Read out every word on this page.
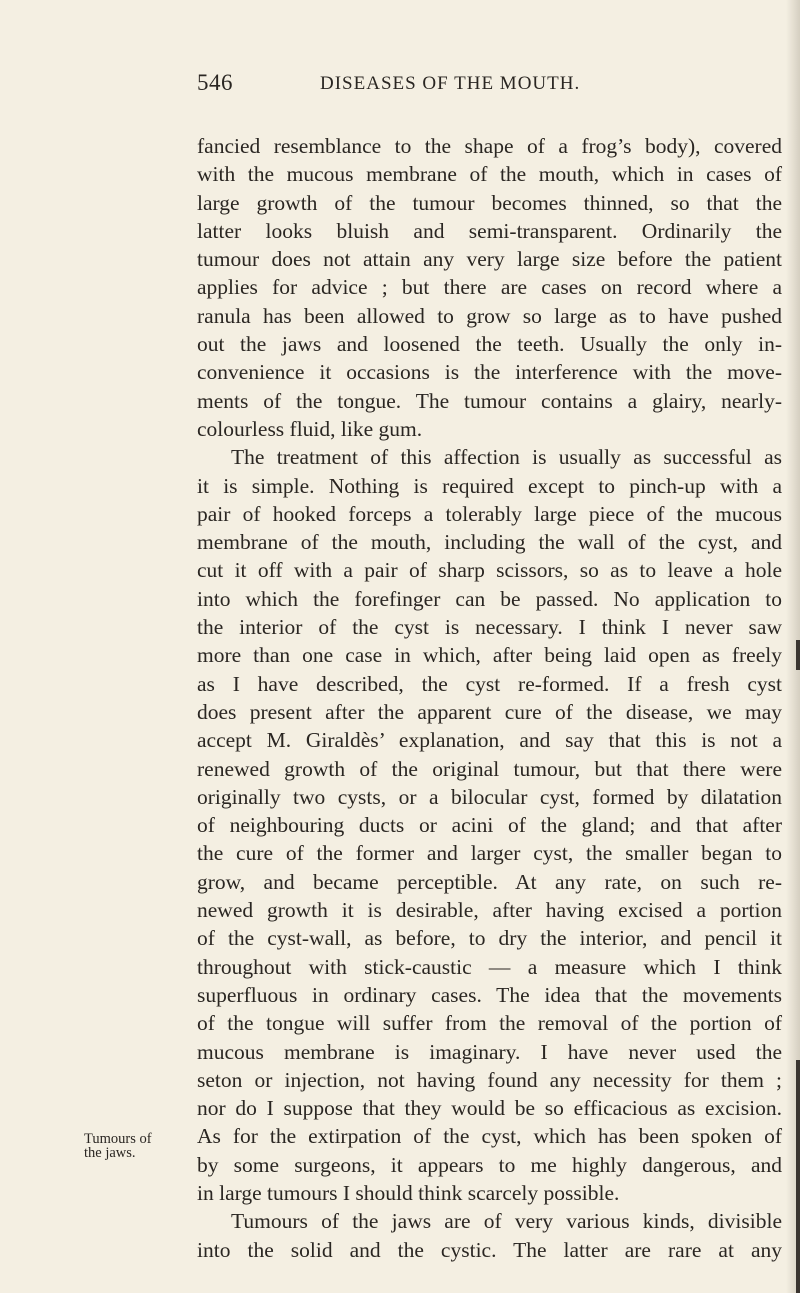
546	DISEASES OF THE MOUTH.
Tumours of
the jaws.
fancied resemblance to the shape of a frog’s body), covered
with the mucous membrane of the mouth, which in cases of
large growth of the tumour becomes thinned, so that the
latter looks bluish and semi-transparent. Ordinarily the
tumour does not attain any very large size before the patient
applies for advice ; but there are cases on record where a
ranula has been allowed to grow so large as to have pushed
out the jaws and loosened the teeth. Usually the only in-
convenience it occasions is the interference with the move-
ments of the tongue. The tumour contains a glairy, nearly-
colourless fluid, like gum.
The treatment of this affection is usually as successful as
it is simple. Nothing is required except to pinch-up with a
pair of hooked forceps a tolerably large piece of the mucous
membrane of the mouth, including the wall of the cyst, and
cut it off with a pair of sharp scissors, so as to leave a hole
into which the forefinger can be passed. No application to
the interior of the cyst is necessary. I think I never saw
more than one case in which, after being laid open as freely
as I have described, the cyst re-formed. If a fresh cyst
does present after the apparent cure of the disease, we may
accept M. Giraldès’ explanation, and say that this is not a
renewed growth of the original tumour, but that there were
originally two cysts, or a bilocular cyst, formed by dilatation
of neighbouring ducts or acini of the gland; and that after
the cure of the former and larger cyst, the smaller began to
grow, and became perceptible. At any rate, on such re-
newed growth it is desirable, after having excised a portion
of the cyst-wall, as before, to dry the interior, and pencil it
throughout with stick-caustic — a measure which I think
superfluous in ordinary cases. The idea that the movements
of the tongue will suffer from the removal of the portion of
mucous membrane is imaginary. I have never used the
seton or injection, not having found any necessity for them ;
nor do I suppose that they would be so efficacious as excision.
As for the extirpation of the cyst, which has been spoken of
by some surgeons, it appears to me highly dangerous, and
in large tumours I should think scarcely possible.
Tumours of the jaws are of very various kinds, divisible
into the solid and the cystic. The latter are rare at any
